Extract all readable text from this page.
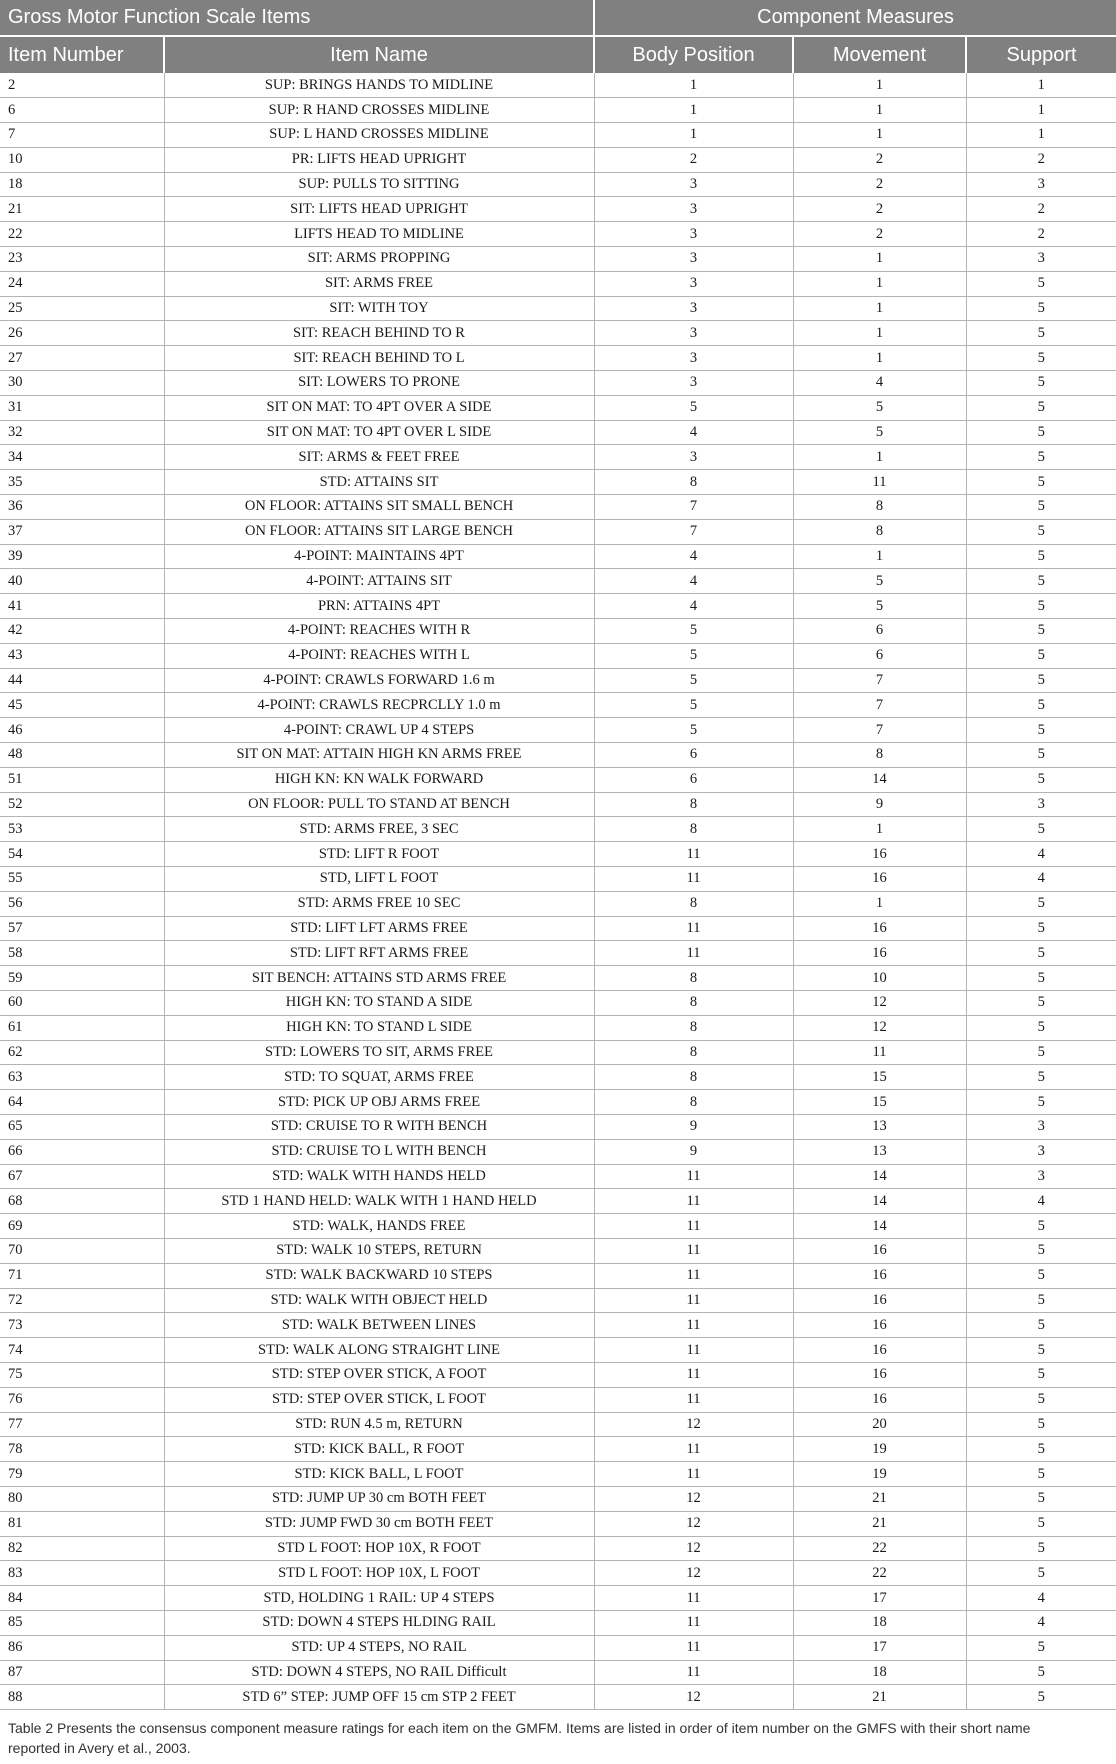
Gross Motor Function Scale Items		Component Measures		
Item Number	Item Name	Body Position	Movement	Support
2	SUP: BRINGS HANDS TO MIDLINE	1	1	1
6	SUP: R HAND CROSSES MIDLINE	1	1	1
7	SUP: L HAND CROSSES MIDLINE	1	1	1
10	PR: LIFTS HEAD UPRIGHT	2	2	2
18	SUP: PULLS TO SITTING	3	2	3
21	SIT: LIFTS HEAD UPRIGHT	3	2	2
22	LIFTS HEAD TO MIDLINE	3	2	2
23	SIT: ARMS PROPPING	3	1	3
24	SIT: ARMS FREE	3	1	5
25	SIT: WITH TOY	3	1	5
26	SIT: REACH BEHIND TO R	3	1	5
27	SIT: REACH BEHIND TO L	3	1	5
30	SIT: LOWERS TO PRONE	3	4	5
31	SIT ON MAT: TO 4PT OVER A SIDE	5	5	5
32	SIT ON MAT: TO 4PT OVER L SIDE	4	5	5
34	SIT: ARMS & FEET FREE	3	1	5
35	STD: ATTAINS SIT	8	11	5
36	ON FLOOR: ATTAINS SIT SMALL BENCH	7	8	5
37	ON FLOOR: ATTAINS SIT LARGE BENCH	7	8	5
39	4-POINT: MAINTAINS 4PT	4	1	5
40	4-POINT: ATTAINS SIT	4	5	5
41	PRN: ATTAINS 4PT	4	5	5
42	4-POINT: REACHES WITH R	5	6	5
43	4-POINT: REACHES WITH L	5	6	5
44	4-POINT: CRAWLS FORWARD 1.6 m	5	7	5
45	4-POINT: CRAWLS RECPRCLLY 1.0 m	5	7	5
46	4-POINT: CRAWL UP 4 STEPS	5	7	5
48	SIT ON MAT: ATTAIN HIGH KN ARMS FREE	6	8	5
51	HIGH KN: KN WALK FORWARD	6	14	5
52	ON FLOOR: PULL TO STAND AT BENCH	8	9	3
53	STD: ARMS FREE, 3 SEC	8	1	5
54	STD: LIFT R FOOT	11	16	4
55	STD, LIFT L FOOT	11	16	4
56	STD: ARMS FREE 10 SEC	8	1	5
57	STD: LIFT LFT ARMS FREE	11	16	5
58	STD: LIFT RFT ARMS FREE	11	16	5
59	SIT BENCH: ATTAINS STD ARMS FREE	8	10	5
60	HIGH KN: TO STAND A SIDE	8	12	5
61	HIGH KN: TO STAND L SIDE	8	12	5
62	STD: LOWERS TO SIT, ARMS FREE	8	11	5
63	STD: TO SQUAT, ARMS FREE	8	15	5
64	STD: PICK UP OBJ ARMS FREE	8	15	5
65	STD: CRUISE TO R WITH BENCH	9	13	3
66	STD: CRUISE TO L WITH BENCH	9	13	3
67	STD: WALK WITH HANDS HELD	11	14	3
68	STD 1 HAND HELD: WALK WITH 1 HAND HELD	11	14	4
69	STD: WALK, HANDS FREE	11	14	5
70	STD: WALK 10 STEPS, RETURN	11	16	5
71	STD: WALK BACKWARD 10 STEPS	11	16	5
72	STD: WALK WITH OBJECT HELD	11	16	5
73	STD: WALK BETWEEN LINES	11	16	5
74	STD: WALK ALONG STRAIGHT LINE	11	16	5
75	STD: STEP OVER STICK, A FOOT	11	16	5
76	STD: STEP OVER STICK, L FOOT	11	16	5
77	STD: RUN 4.5 m, RETURN	12	20	5
78	STD: KICK BALL, R FOOT	11	19	5
79	STD: KICK BALL, L FOOT	11	19	5
80	STD: JUMP UP 30 cm BOTH FEET	12	21	5
81	STD: JUMP FWD 30 cm BOTH FEET	12	21	5
82	STD L FOOT: HOP 10X, R FOOT	12	22	5
83	STD L FOOT: HOP 10X, L FOOT	12	22	5
84	STD, HOLDING 1 RAIL: UP 4 STEPS	11	17	4
85	STD: DOWN 4 STEPS HLDING RAIL	11	18	4
86	STD: UP 4 STEPS, NO RAIL	11	17	5
87	STD: DOWN 4 STEPS, NO RAIL Difficult	11	18	5
88	STD 6” STEP: JUMP OFF 15 cm STP 2 FEET	12	21	5

Table 2 Presents the consensus component measure ratings for each item on the GMFM. Items are listed in order of item number on the GMFS with their short name
reported in Avery et al., 2003.
